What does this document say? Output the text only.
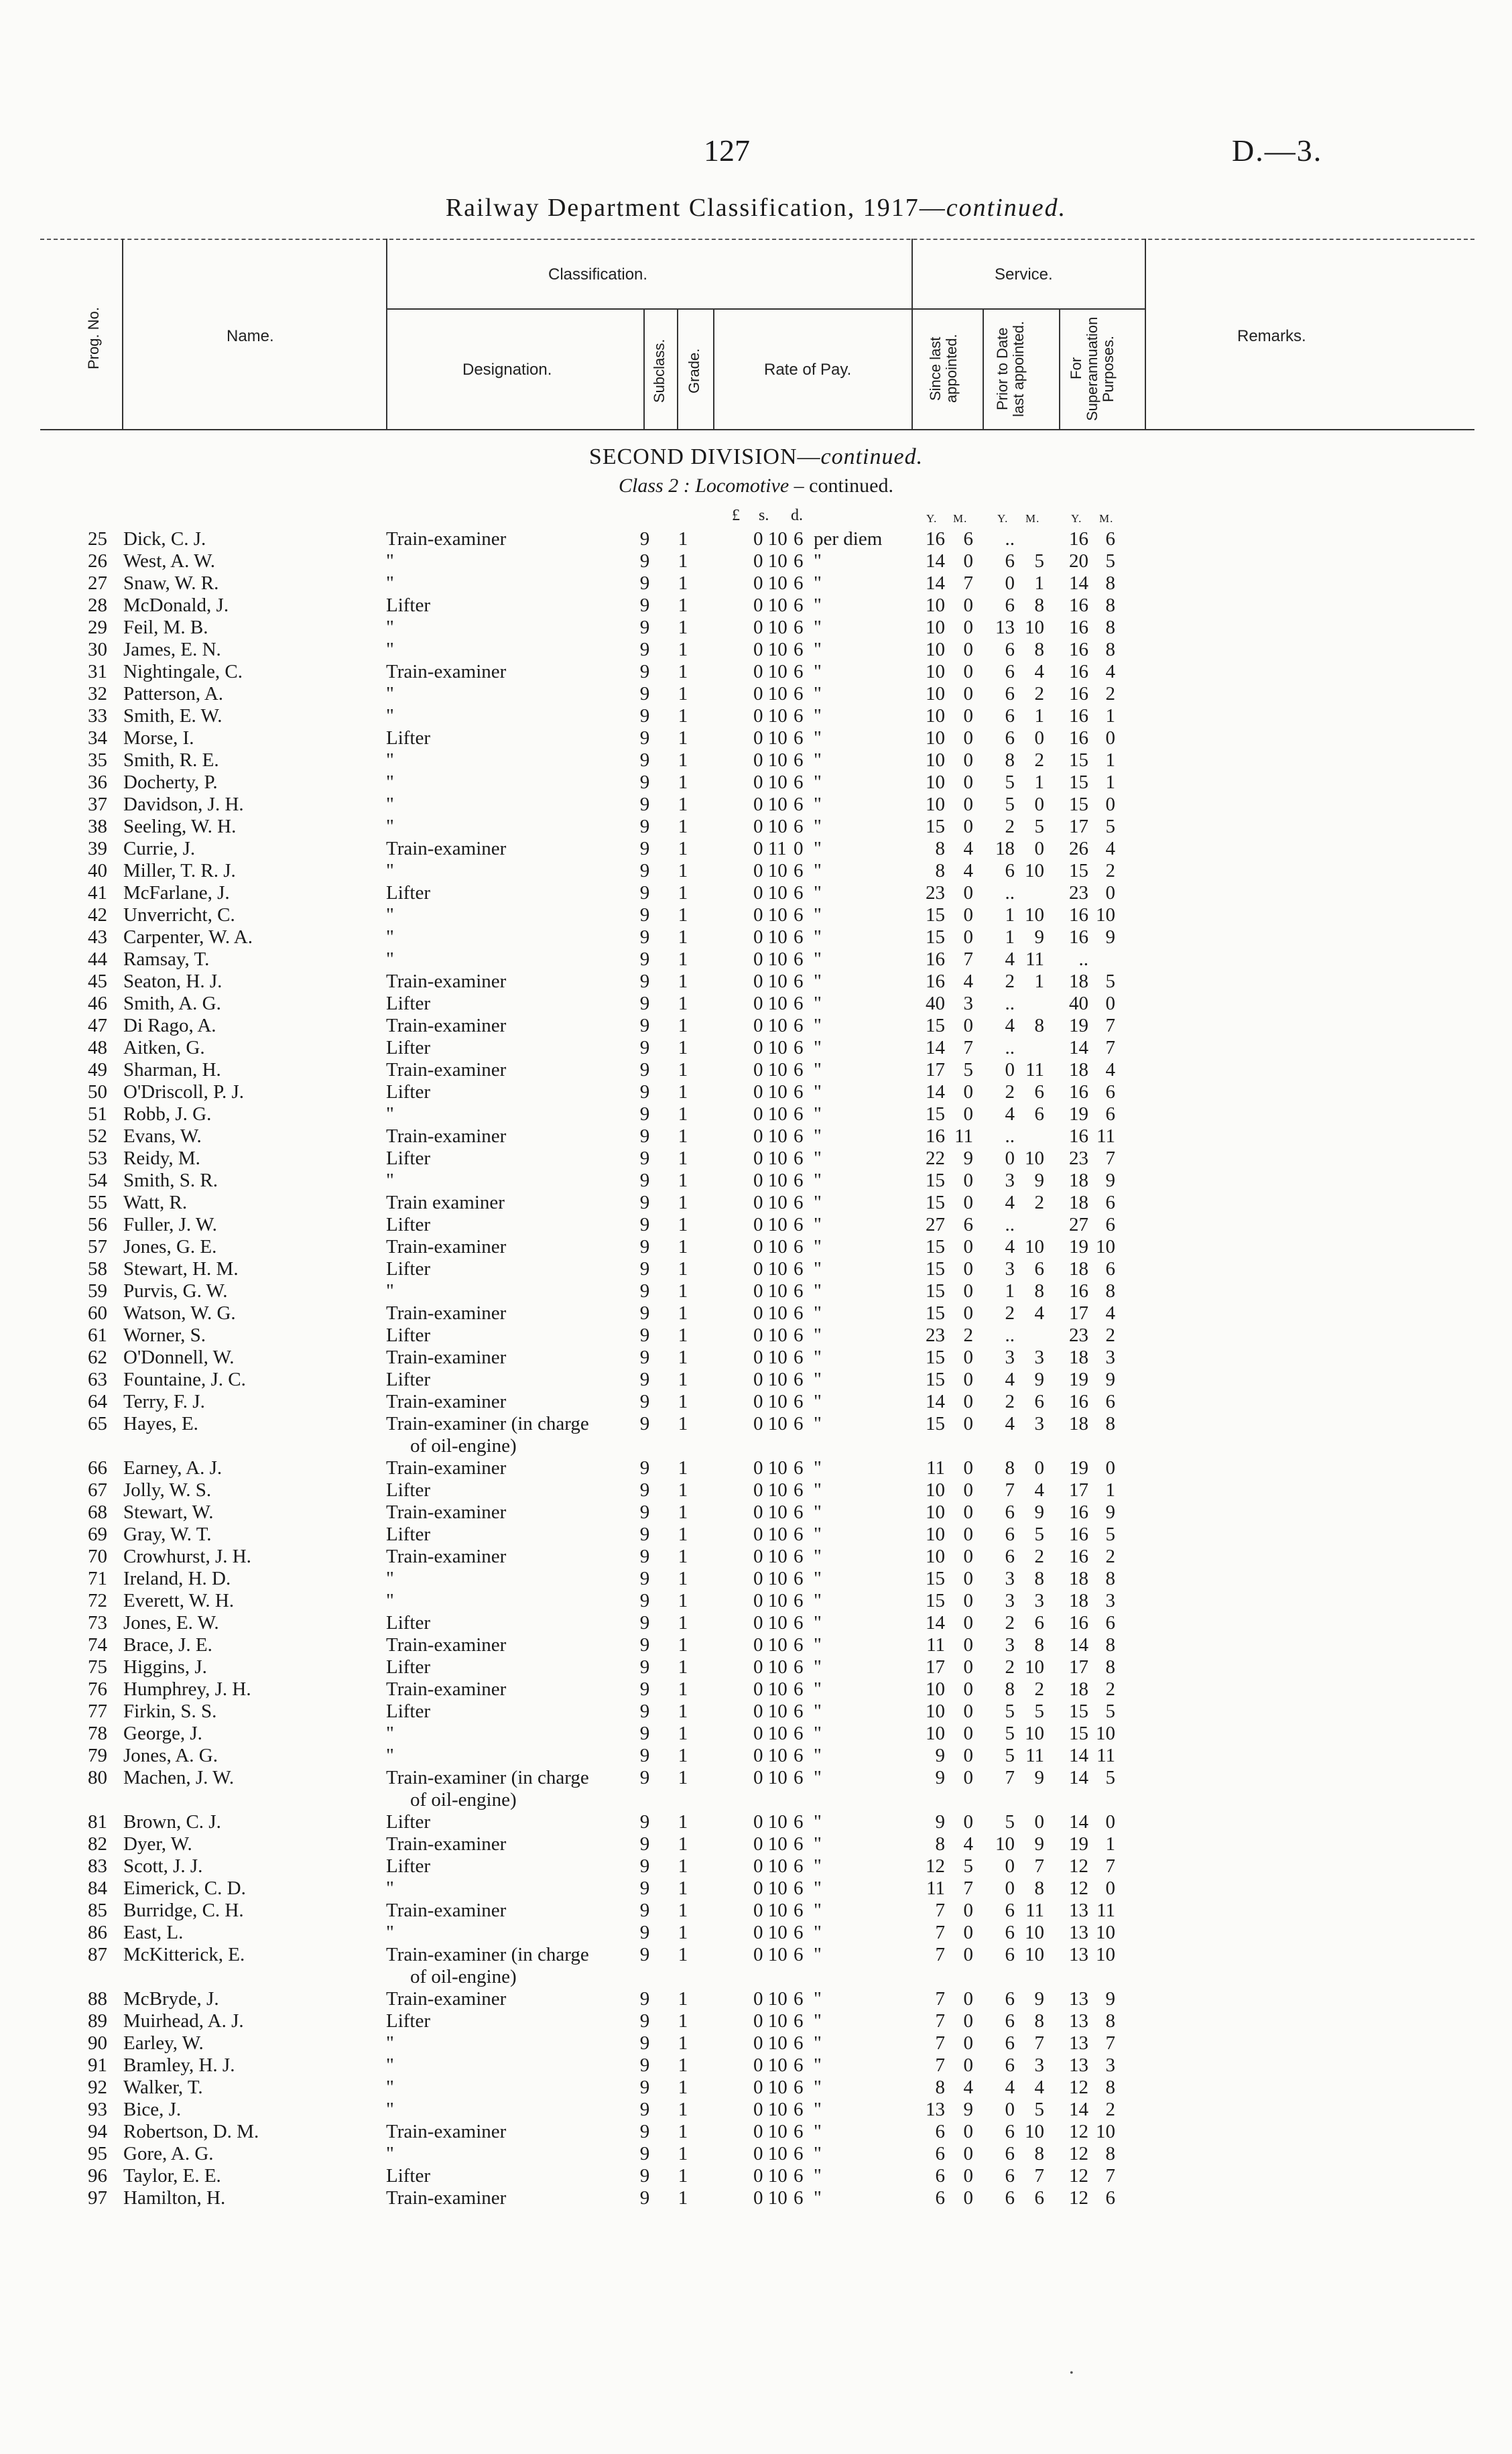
127	D.—3.
Railway Department Classification, 1917—continued.
Prog. No.	Name.
Classification.	Service.
Remarks.
Designation.	Subclass. Grade.	Rate of Pay.	Since last appointed. Prior to Date last appointed.	For Superannuation Purposes.
SECOND DIVISION—continued.
Class 2 : Locomotive – continued.
£ s. d.	Y. M.	Y. M.	Y. M.
25 Dick, C. J.	Train-examiner	9 1	0 10 6 per diem	16 6	..	16 6
26 West, A. W.	"	9 1	0 10 6 "	14 0	6	5	20 5
27 Snaw, W. R.	"	9 1	0 10 6 "	14 7	0	1	14 8
28 McDonald, J.	Lifter	9 1	0 10 6 "	10 0	6	8	16 8
29 Feil, M. B.	"	9 1	0 10 6 "	10 0	13 10	16 8
30 James, E. N.	"	9 1	0 10 6 "	10 0	6	8	16 8
31 Nightingale, C.	Train-examiner	9 1	0 10 6 "	10 0	6	4	16 4
32 Patterson, A.	"	9 1	0 10 6 "	10 0	6	2	16 2
33 Smith, E. W.	"	9 1	0 10 6 "	10 0	6	1	16 1
34 Morse, I.	Lifter	9 1	0 10 6 "	10 0	6	0	16 0
35 Smith, R. E.	"	9 1	0 10 6 "	10 0	8	2	15 1
36 Docherty, P.	"	9 1	0 10 6 "	10 0	5	1	15 1
37 Davidson, J. H.	"	9 1	0 10 6 "	10 0	5	0	15 0
38 Seeling, W. H.	"	9 1	0 10 6 "	15 0	2	5	17 5
39 Currie, J.	Train-examiner	9 1	0 11 0 "	8 4	18	0	26 4
40 Miller, T. R. J.	"	9 1	0 10 6 "	8 4	6 10	15 2
41 McFarlane, J.	Lifter	9 1	0 10 6 "	23 0	..	23 0
42 Unverricht, C.	"	9 1	0 10 6 "	15 0	1 10	16 10
43 Carpenter, W. A.	"	9 1	0 10 6 "	15 0	1	9	16 9
44 Ramsay, T.	"	9 1	0 10 6 "	16 7	4 11	..
45 Seaton, H. J.	Train-examiner	9 1	0 10 6 "	16 4	2	1	18 5
46 Smith, A. G.	Lifter	9 1	0 10 6 "	40 3	..	40 0
47 Di Rago, A.	Train-examiner	9 1	0 10 6 "	15 0	4	8	19 7
48 Aitken, G.	Lifter	9 1	0 10 6 "	14 7	..	14 7
49 Sharman, H.	Train-examiner	9 1	0 10 6 "	17 5	0 11	18 4
50 O'Driscoll, P. J.	Lifter	9 1	0 10 6 "	14 0	2	6	16 6
51 Robb, J. G.	"	9 1	0 10 6 "	15 0	4	6	19 6
52 Evans, W.	Train-examiner	9 1	0 10 6 "	16 11	..	16 11
53 Reidy, M.	Lifter	9 1	0 10 6 "	22 9	0 10	23 7
54 Smith, S. R.	"	9 1	0 10 6 "	15 0	3	9	18 9
55 Watt, R.	Train examiner	9 1	0 10 6 "	15 0	4	2	18 6
56 Fuller, J. W.	Lifter	9 1	0 10 6 "	27 6	..	27 6
57 Jones, G. E.	Train-examiner	9 1	0 10 6 "	15 0	4 10	19 10
58 Stewart, H. M.	Lifter	9 1	0 10 6 "	15 0	3	6	18 6
59 Purvis, G. W.	"	9 1	0 10 6 "	15 0	1	8	16 8
60 Watson, W. G.	Train-examiner	9 1	0 10 6 "	15 0	2	4	17 4
61 Worner, S.	Lifter	9 1	0 10 6 "	23 2	..	23 2
62 O'Donnell, W.	Train-examiner	9 1	0 10 6 "	15 0	3	3	18 3
63 Fountaine, J. C.	Lifter	9 1	0 10 6 "	15 0	4	9	19 9
64 Terry, F. J.	Train-examiner	9 1	0 10 6 "	14 0	2	6	16 6
65 Hayes, E.	Train-examiner (in charge	9 1	0 10 6 "	15 0	4	3	18 8
of oil-engine)
66 Earney, A. J.	Train-examiner	9 1	0 10 6 "	11 0	8	0	19 0
67 Jolly, W. S.	Lifter	9 1	0 10 6 "	10 0	7	4	17 1
68 Stewart, W.	Train-examiner	9 1	0 10 6 "	10 0	6	9	16 9
69 Gray, W. T.	Lifter	9 1	0 10 6 "	10 0	6	5	16 5
70 Crowhurst, J. H.	Train-examiner	9 1	0 10 6 "	10 0	6	2	16 2
71 Ireland, H. D.	"	9 1	0 10 6 "	15 0	3	8	18 8
72 Everett, W. H.	"	9 1	0 10 6 "	15 0	3	3	18 3
73 Jones, E. W.	Lifter	9 1	0 10 6 "	14 0	2	6	16 6
74 Brace, J. E.	Train-examiner	9 1	0 10 6 "	11 0	3	8	14 8
75 Higgins, J.	Lifter	9 1	0 10 6 "	17 0	2 10	17 8
76 Humphrey, J. H.	Train-examiner	9 1	0 10 6 "	10 0	8	2	18 2
77 Firkin, S. S.	Lifter	9 1	0 10 6 "	10 0	5	5	15 5
78 George, J.	"	9 1	0 10 6 "	10 0	5 10	15 10
79 Jones, A. G.	"	9 1	0 10 6 "	9 0	5 11	14 11
80 Machen, J. W.	Train-examiner (in charge	9 1	0 10 6 "	9 0	7	9	14 5
of oil-engine)
81 Brown, C. J.	Lifter	9 1	0 10 6 "	9 0	5	0	14 0
82 Dyer, W.	Train-examiner	9 1	0 10 6 "	8 4	10	9	19 1
83 Scott, J. J.	Lifter	9 1	0 10 6 "	12 5	0	7	12 7
84 Eimerick, C. D.	"	9 1	0 10 6 "	11 7	0	8	12 0
85 Burridge, C. H.	Train-examiner	9 1	0 10 6 "	7 0	6 11	13 11
86 East, L.	"	9 1	0 10 6 "	7 0	6 10	13 10
87 McKitterick, E.	Train-examiner (in charge	9 1	0 10 6 "	7 0	6 10	13 10
of oil-engine)
88 McBryde, J.	Train-examiner	9 1	0 10 6 "	7 0	6	9	13 9
89 Muirhead, A. J.	Lifter	9 1	0 10 6 "	7 0	6	8	13 8
90 Earley, W.	"	9 1	0 10 6 "	7 0	6	7	13 7
91 Bramley, H. J.	"	9 1	0 10 6 "	7 0	6	3	13 3
92 Walker, T.	"	9 1	0 10 6 "	8 4	4	4	12 8
93 Bice, J.	"	9 1	0 10 6 "	13 9	0	5	14 2
94 Robertson, D. M.	Train-examiner	9 1	0 10 6 "	6 0	6 10	12 10
95 Gore, A. G.	"	9 1	0 10 6 "	6 0	6	8	12 8
96 Taylor, E. E.	Lifter	9 1	0 10 6 "	6 0	6	7	12 7
97 Hamilton, H.	Train-examiner	9 1	0 10 6 "	6 0	6	6	12 6
•
